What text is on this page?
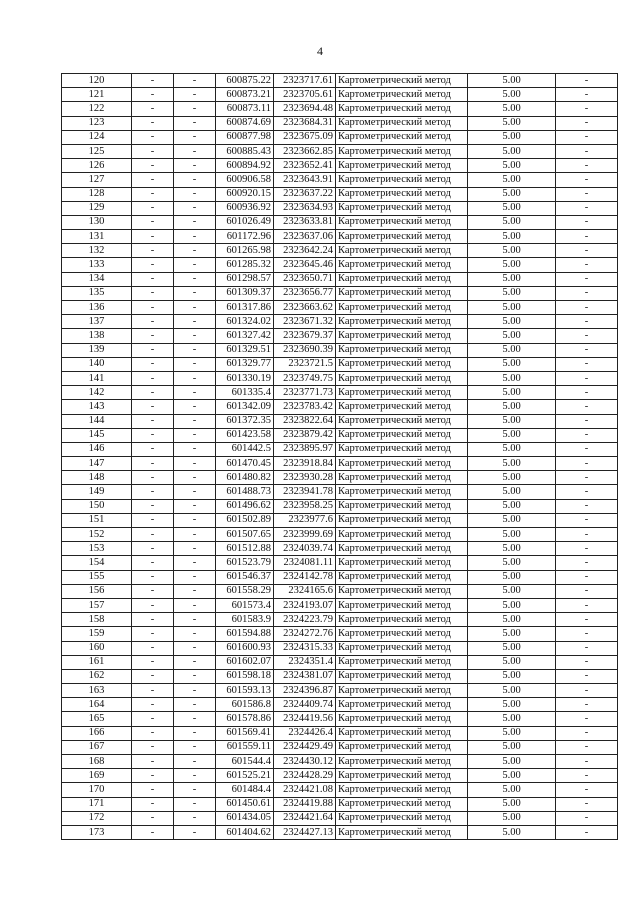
4
120	-	-	600875.22	2323717.61	Картометрический метод	5.00	-
121	-	-	600873.21	2323705.61	Картометрический метод	5.00	-
122	-	-	600873.11	2323694.48	Картометрический метод	5.00	-
123	-	-	600874.69	2323684.31	Картометрический метод	5.00	-
124	-	-	600877.98	2323675.09	Картометрический метод	5.00	-
125	-	-	600885.43	2323662.85	Картометрический метод	5.00	-
126	-	-	600894.92	2323652.41	Картометрический метод	5.00	-
127	-	-	600906.58	2323643.91	Картометрический метод	5.00	-
128	-	-	600920.15	2323637.22	Картометрический метод	5.00	-
129	-	-	600936.92	2323634.93	Картометрический метод	5.00	-
130	-	-	601026.49	2323633.81	Картометрический метод	5.00	-
131	-	-	601172.96	2323637.06	Картометрический метод	5.00	-
132	-	-	601265.98	2323642.24	Картометрический метод	5.00	-
133	-	-	601285.32	2323645.46	Картометрический метод	5.00	-
134	-	-	601298.57	2323650.71	Картометрический метод	5.00	-
135	-	-	601309.37	2323656.77	Картометрический метод	5.00	-
136	-	-	601317.86	2323663.62	Картометрический метод	5.00	-
137	-	-	601324.02	2323671.32	Картометрический метод	5.00	-
138	-	-	601327.42	2323679.37	Картометрический метод	5.00	-
139	-	-	601329.51	2323690.39	Картометрический метод	5.00	-
140	-	-	601329.77	2323721.5	Картометрический метод	5.00	-
141	-	-	601330.19	2323749.75	Картометрический метод	5.00	-
142	-	-	601335.4	2323771.73	Картометрический метод	5.00	-
143	-	-	601342.09	2323783.42	Картометрический метод	5.00	-
144	-	-	601372.35	2323822.64	Картометрический метод	5.00	-
145	-	-	601423.58	2323879.42	Картометрический метод	5.00	-
146	-	-	601442.5	2323895.97	Картометрический метод	5.00	-
147	-	-	601470.45	2323918.84	Картометрический метод	5.00	-
148	-	-	601480.82	2323930.28	Картометрический метод	5.00	-
149	-	-	601488.73	2323941.78	Картометрический метод	5.00	-
150	-	-	601496.62	2323958.25	Картометрический метод	5.00	-
151	-	-	601502.89	2323977.6	Картометрический метод	5.00	-
152	-	-	601507.65	2323999.69	Картометрический метод	5.00	-
153	-	-	601512.88	2324039.74	Картометрический метод	5.00	-
154	-	-	601523.79	2324081.11	Картометрический метод	5.00	-
155	-	-	601546.37	2324142.78	Картометрический метод	5.00	-
156	-	-	601558.29	2324165.6	Картометрический метод	5.00	-
157	-	-	601573.4	2324193.07	Картометрический метод	5.00	-
158	-	-	601583.9	2324223.79	Картометрический метод	5.00	-
159	-	-	601594.88	2324272.76	Картометрический метод	5.00	-
160	-	-	601600.93	2324315.33	Картометрический метод	5.00	-
161	-	-	601602.07	2324351.4	Картометрический метод	5.00	-
162	-	-	601598.18	2324381.07	Картометрический метод	5.00	-
163	-	-	601593.13	2324396.87	Картометрический метод	5.00	-
164	-	-	601586.8	2324409.74	Картометрический метод	5.00	-
165	-	-	601578.86	2324419.56	Картометрический метод	5.00	-
166	-	-	601569.41	2324426.4	Картометрический метод	5.00	-
167	-	-	601559.11	2324429.49	Картометрический метод	5.00	-
168	-	-	601544.4	2324430.12	Картометрический метод	5.00	-
169	-	-	601525.21	2324428.29	Картометрический метод	5.00	-
170	-	-	601484.4	2324421.08	Картометрический метод	5.00	-
171	-	-	601450.61	2324419.88	Картометрический метод	5.00	-
172	-	-	601434.05	2324421.64	Картометрический метод	5.00	-
173	-	-	601404.62	2324427.13	Картометрический метод	5.00	-
